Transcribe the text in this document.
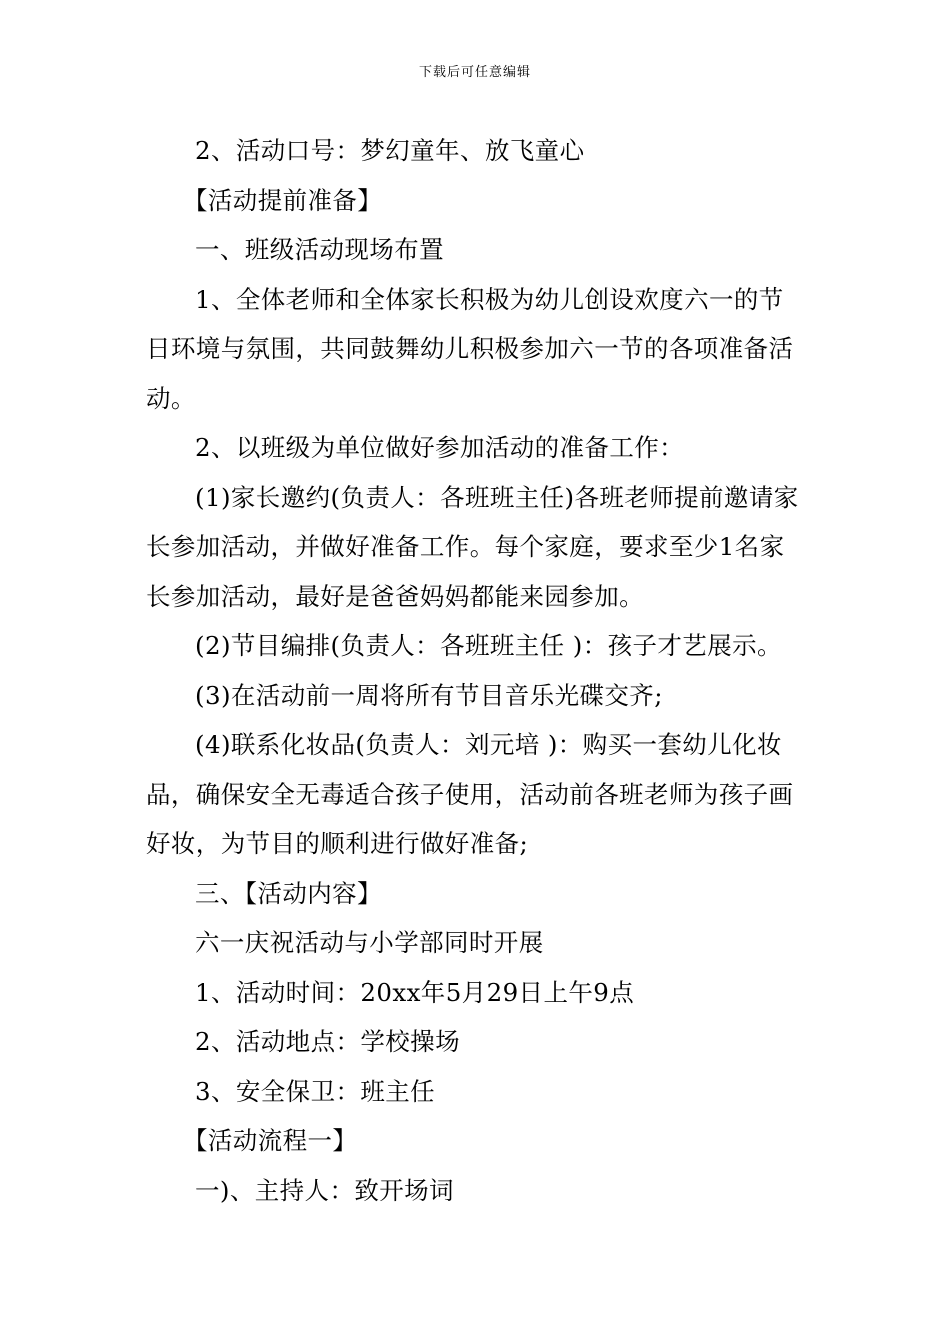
下载后可任意编辑

2、活动口号：梦幻童年、放飞童心

【活动提前准备】

一、班级活动现场布置

1、全体老师和全体家长积极为幼儿创设欢度六一的节日环境与氛围，共同鼓舞幼儿积极参加六一节的各项准备活动。

2、以班级为单位做好参加活动的准备工作：

(1)家长邀约(负责人：各班班主任)各班老师提前邀请家长参加活动，并做好准备工作。每个家庭，要求至少1名家长参加活动，最好是爸爸妈妈都能来园参加。

(2)节目编排(负责人：各班班主任 )：孩子才艺展示。

(3)在活动前一周将所有节目音乐光碟交齐;

(4)联系化妆品(负责人：刘元培 )：购买一套幼儿化妆品，确保安全无毒适合孩子使用，活动前各班老师为孩子画好妆，为节目的顺利进行做好准备;

三、【活动内容】

六一庆祝活动与小学部同时开展

1、活动时间：20xx年5月29日上午9点

2、活动地点：学校操场

3、安全保卫：班主任

【活动流程一】

一)、主持人：致开场词
